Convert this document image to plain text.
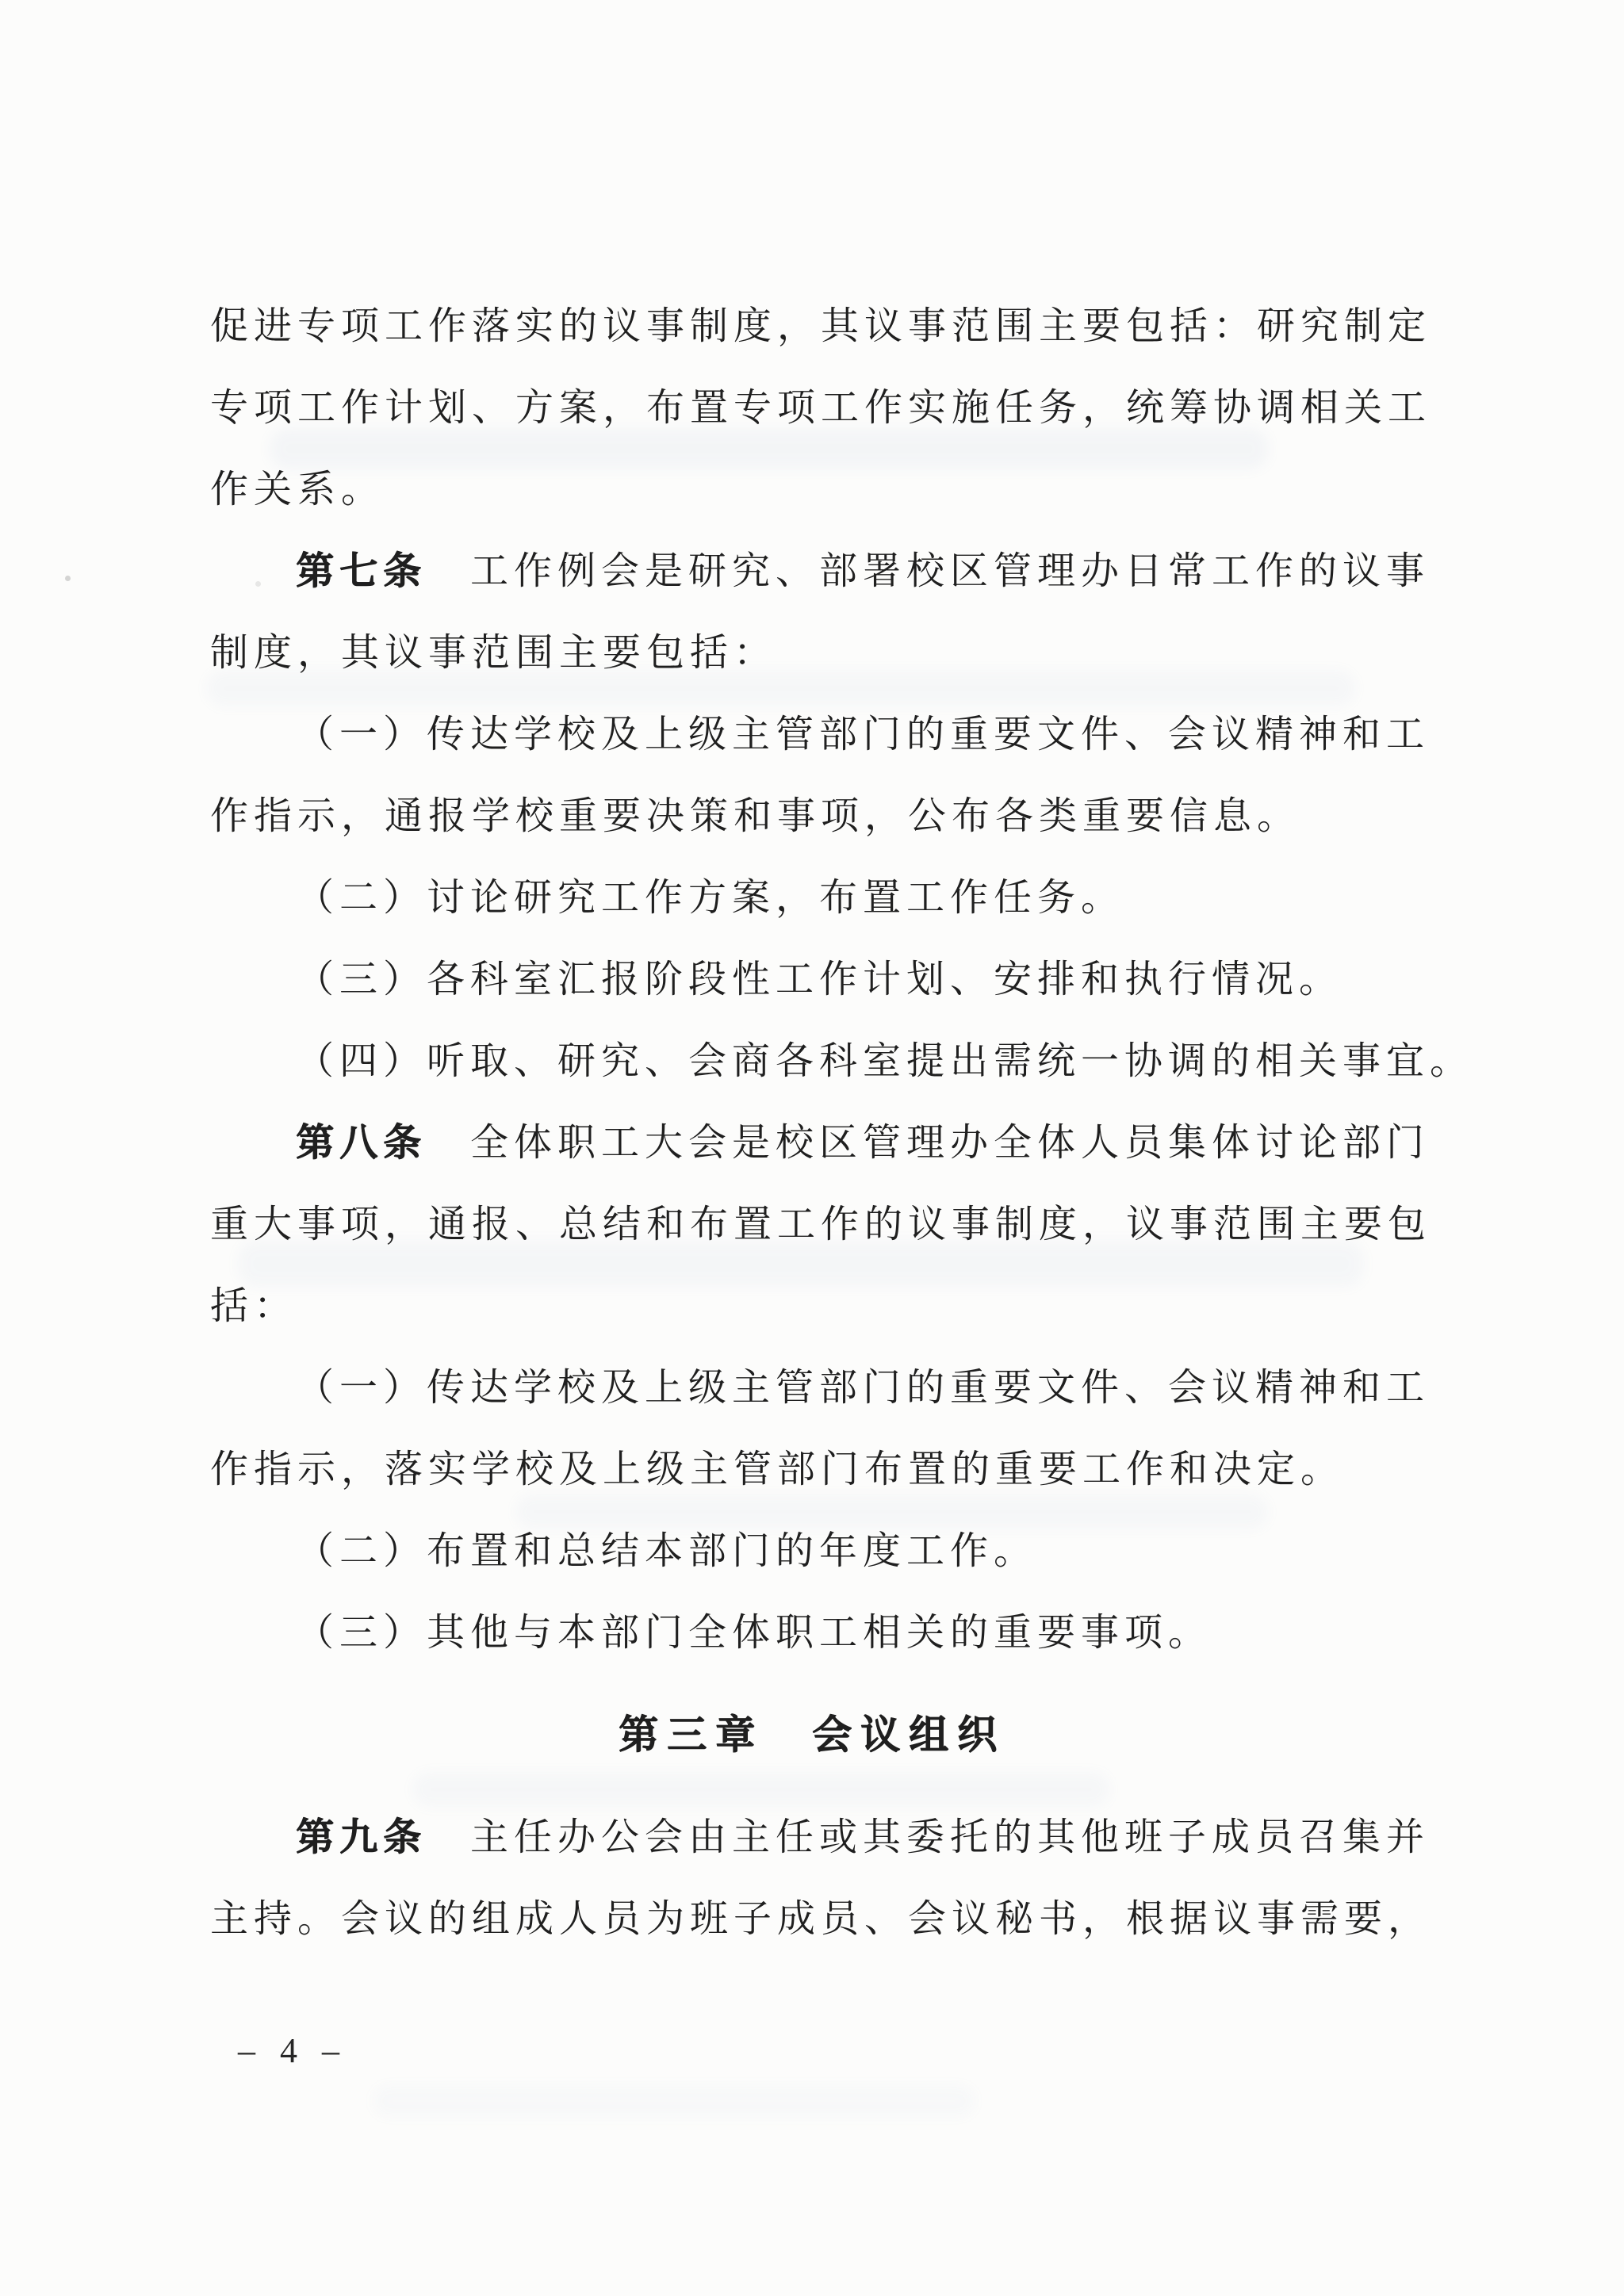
促进专项工作落实的议事制度，其议事范围主要包括：研究制定
专项工作计划、方案，布置专项工作实施任务，统筹协调相关工
作关系。
第七条　工作例会是研究、部署校区管理办日常工作的议事
制度，其议事范围主要包括：
（一）传达学校及上级主管部门的重要文件、会议精神和工
作指示，通报学校重要决策和事项，公布各类重要信息。
（二）讨论研究工作方案，布置工作任务。
（三）各科室汇报阶段性工作计划、安排和执行情况。
（四）听取、研究、会商各科室提出需统一协调的相关事宜。
第八条　全体职工大会是校区管理办全体人员集体讨论部门
重大事项，通报、总结和布置工作的议事制度，议事范围主要包
括：
（一）传达学校及上级主管部门的重要文件、会议精神和工
作指示，落实学校及上级主管部门布置的重要工作和决定。
（二）布置和总结本部门的年度工作。
（三）其他与本部门全体职工相关的重要事项。
第三章　会议组织
第九条　主任办公会由主任或其委托的其他班子成员召集并
主持。会议的组成人员为班子成员、会议秘书，根据议事需要，
– 4 –
